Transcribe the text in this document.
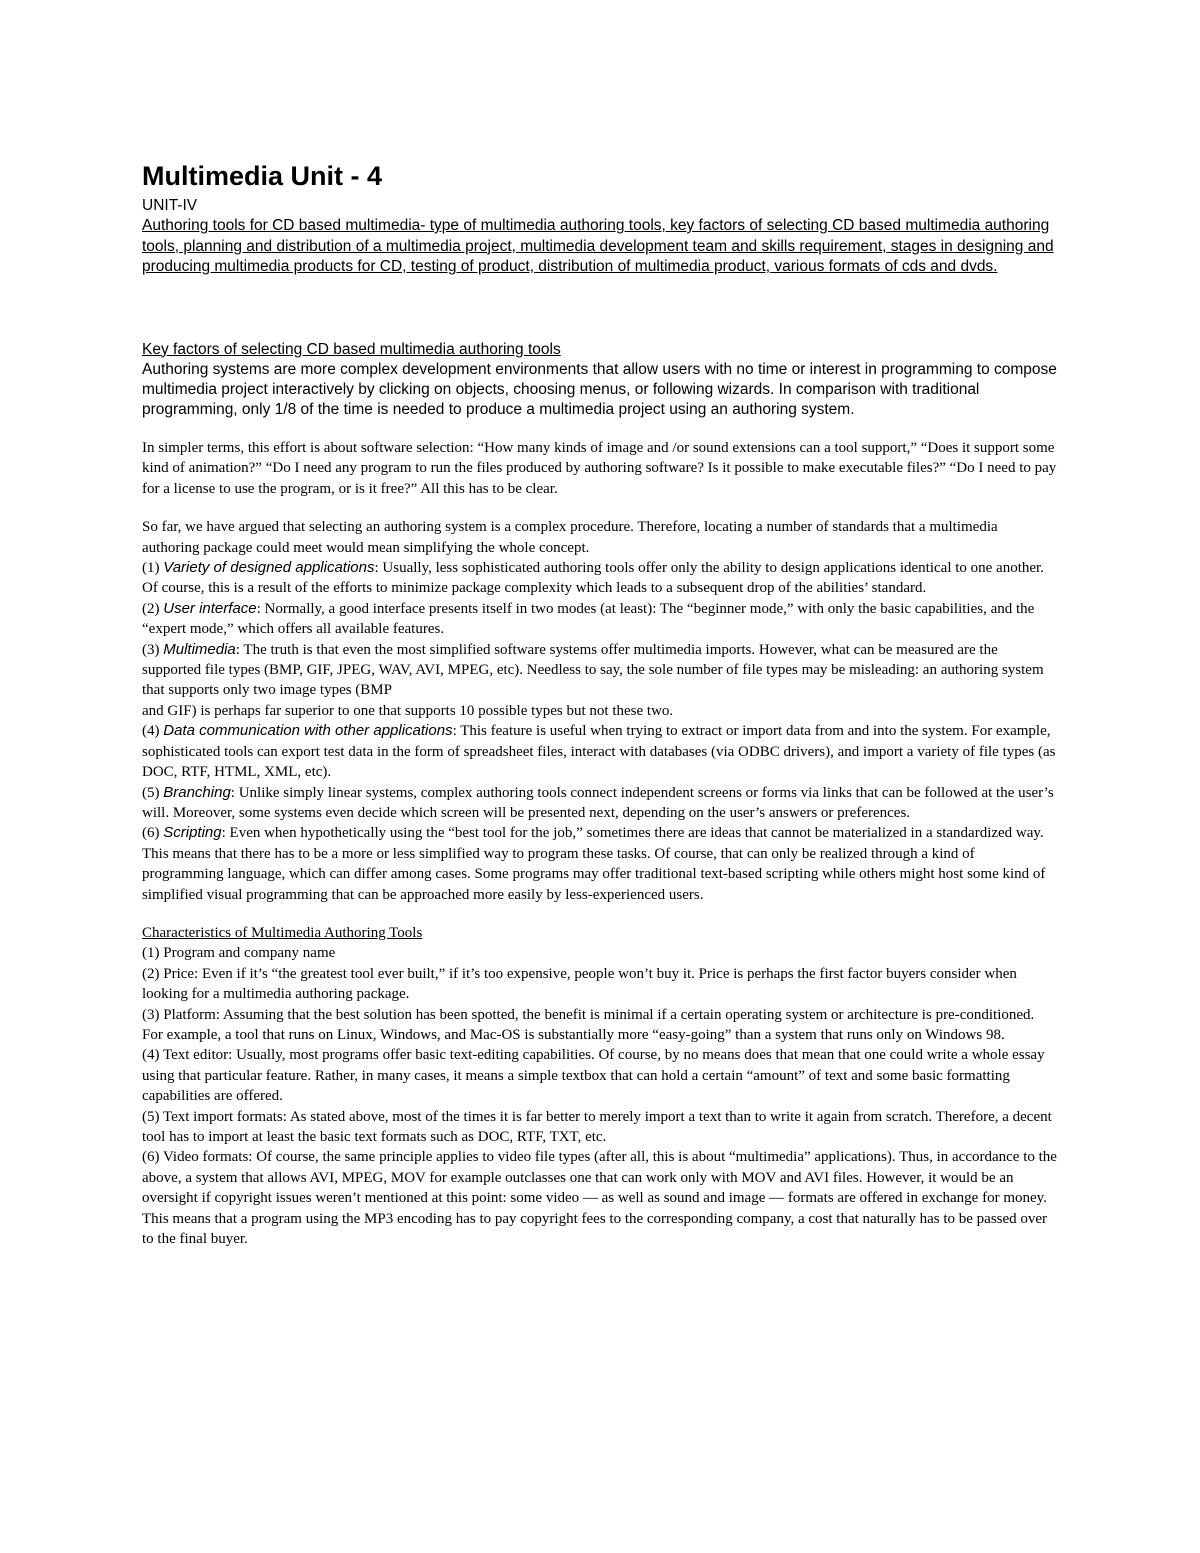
Multimedia Unit - 4
UNIT-IV

Authoring tools for CD based multimedia- type of multimedia authoring tools, key factors of selecting CD based multimedia authoring tools, planning and distribution of a multimedia project, multimedia development team and skills requirement, stages in designing and producing multimedia products for CD, testing of product, distribution of multimedia product, various formats of cds and dvds.

Key factors of selecting CD based multimedia authoring tools

Authoring systems are more complex development environments that allow users with no time or interest in programming to compose multimedia project interactively by clicking on objects, choosing menus, or following wizards. In comparison with traditional programming, only 1/8 of the time is needed to produce a multimedia project using an authoring system.

In simpler terms, this effort is about software selection: “How many kinds of image and /or sound extensions can a tool support,” “Does it support some kind of animation?” “Do I need any program to run the files produced by authoring software? Is it possible to make executable files?” “Do I need to pay for a license to use the program, or is it free?” All this has to be clear.

So far, we have argued that selecting an authoring system is a complex procedure. Therefore, locating a number of standards that a multimedia authoring package could meet would mean simplifying the whole concept.

(1) Variety of designed applications: Usually, less sophisticated authoring tools offer only the ability to design applications identical to one another. Of course, this is a result of the efforts to minimize package complexity which leads to a subsequent drop of the abilities’ standard.

(2) User interface: Normally, a good interface presents itself in two modes (at least): The “beginner mode,” with only the basic capabilities, and the “expert mode,” which offers all available features.

(3) Multimedia: The truth is that even the most simplified software systems offer multimedia imports. However, what can be measured are the supported file types (BMP, GIF, JPEG, WAV, AVI, MPEG, etc). Needless to say, the sole number of file types may be misleading: an authoring system that supports only two image types (BMP

and GIF) is perhaps far superior to one that supports 10 possible types but not these two.

(4) Data communication with other applications: This feature is useful when trying to extract or import data from and into the system. For example, sophisticated tools can export test data in the form of spreadsheet files, interact with databases (via ODBC drivers), and import a variety of file types (as DOC, RTF, HTML, XML, etc).

(5) Branching: Unlike simply linear systems, complex authoring tools connect independent screens or forms via links that can be followed at the user’s will. Moreover, some systems even decide which screen will be presented next, depending on the user’s answers or preferences.

(6) Scripting: Even when hypothetically using the “best tool for the job,” sometimes there are ideas that cannot be materialized in a standardized way. This means that there has to be a more or less simplified way to program these tasks. Of course, that can only be realized through a kind of programming language, which can differ among cases. Some programs may offer traditional text-based scripting while others might host some kind of simplified visual programming that can be approached more easily by less-experienced users.

Characteristics of Multimedia Authoring Tools

(1) Program and company name

(2) Price: Even if it’s “the greatest tool ever built,” if it’s too expensive, people won’t buy it. Price is perhaps the first factor buyers consider when looking for a multimedia authoring package.

(3) Platform: Assuming that the best solution has been spotted, the benefit is minimal if a certain operating system or architecture is pre-conditioned. For example, a tool that runs on Linux, Windows, and Mac-OS is substantially more “easy-going” than a system that runs only on Windows 98.

(4) Text editor: Usually, most programs offer basic text-editing capabilities. Of course, by no means does that mean that one could write a whole essay using that particular feature. Rather, in many cases, it means a simple textbox that can hold a certain “amount” of text and some basic formatting capabilities are offered.

(5) Text import formats: As stated above, most of the times it is far better to merely import a text than to write it again from scratch. Therefore, a decent tool has to import at least the basic text formats such as DOC, RTF, TXT, etc.

(6) Video formats: Of course, the same principle applies to video file types (after all, this is about “multimedia” applications). Thus, in accordance to the above, a system that allows AVI, MPEG, MOV for example outclasses one that can work only with MOV and AVI files. However, it would be an oversight if copyright issues weren’t mentioned at this point: some video — as well as sound and image — formats are offered in exchange for money. This means that a program using the MP3 encoding has to pay copyright fees to the corresponding company, a cost that naturally has to be passed over to the final buyer.
